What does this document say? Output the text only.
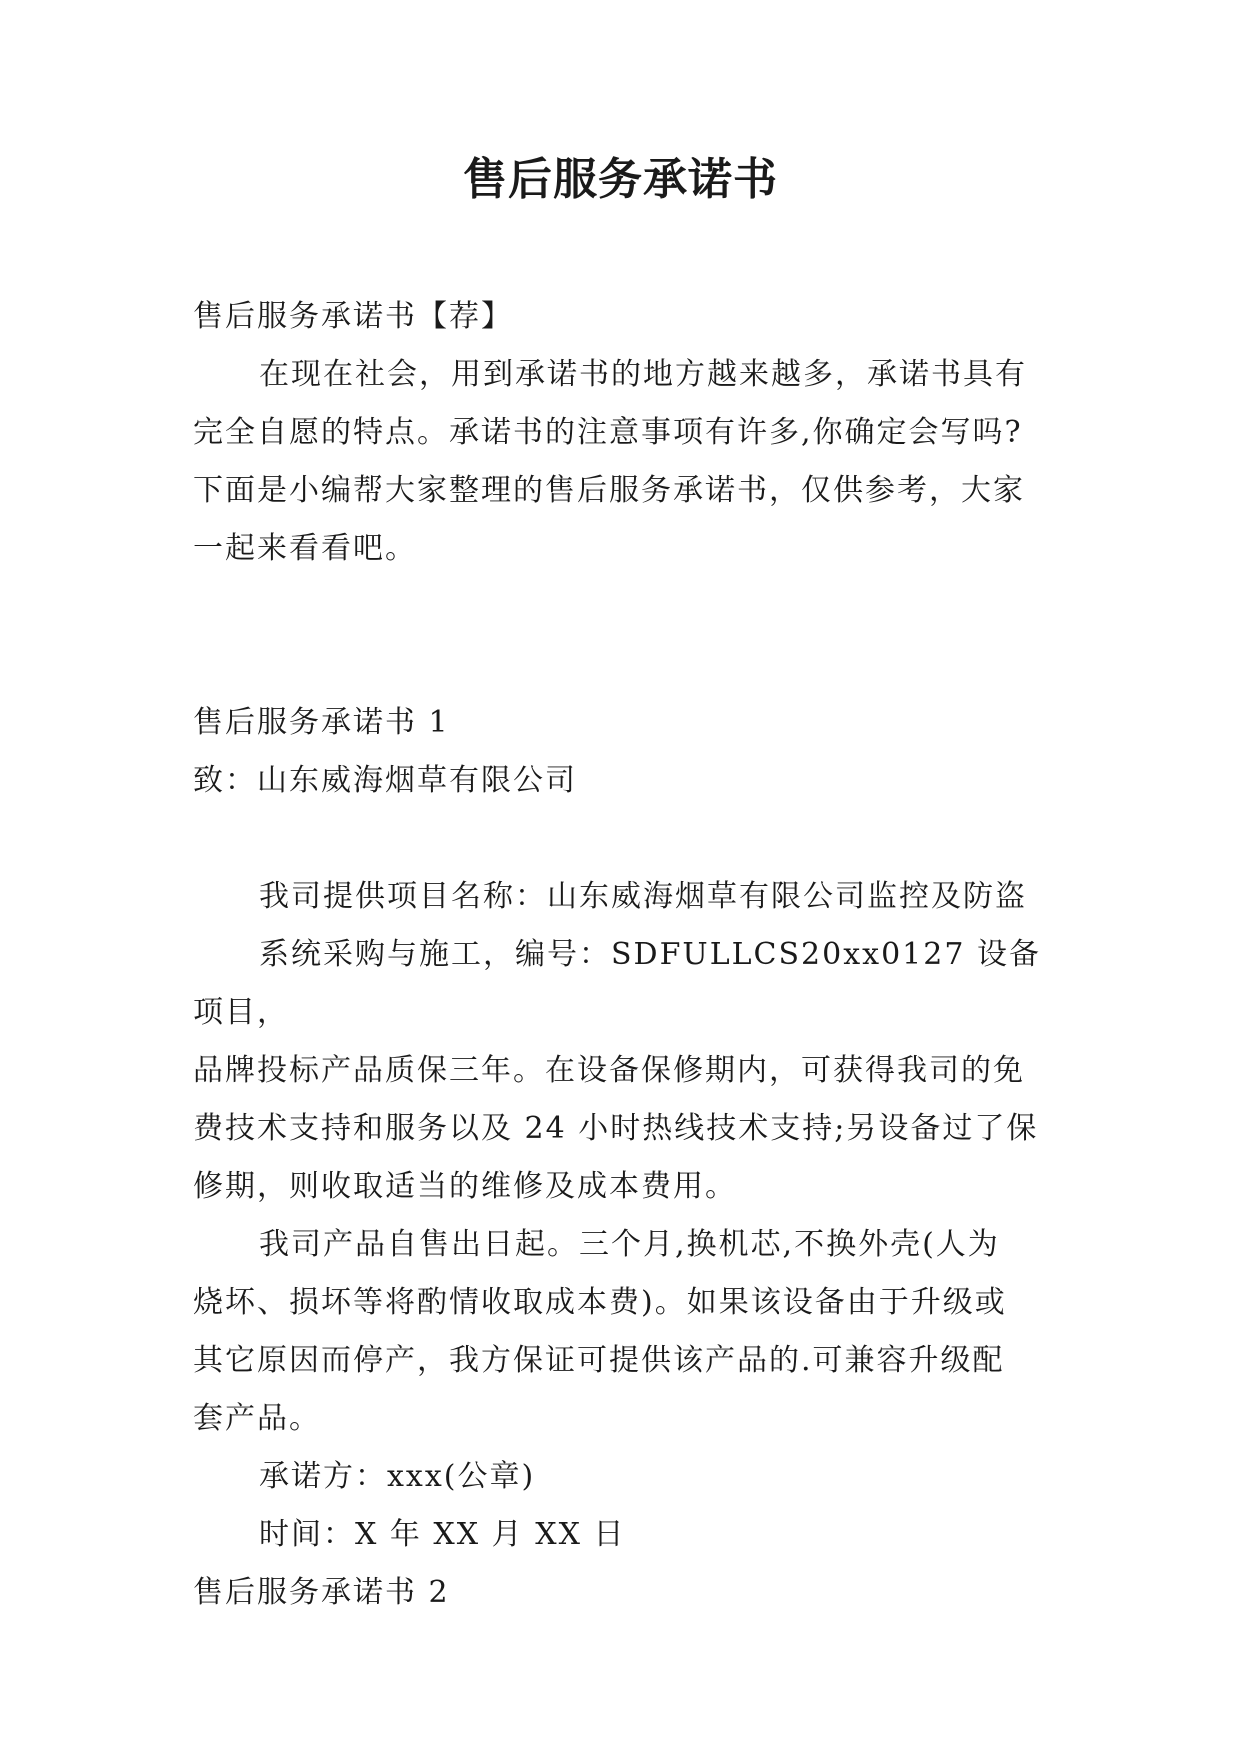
售后服务承诺书

售后服务承诺书【荐】

在现在社会，用到承诺书的地方越来越多，承诺书具有

完全自愿的特点。承诺书的注意事项有许多,你确定会写吗?

下面是小编帮大家整理的售后服务承诺书，仅供参考，大家

一起来看看吧。

售后服务承诺书 1

致：山东威海烟草有限公司

我司提供项目名称：山东威海烟草有限公司监控及防盗

系统采购与施工，编号：SDFULLCS20xx0127 设备项目，

品牌投标产品质保三年。在设备保修期内，可获得我司的免

费技术支持和服务以及 24 小时热线技术支持;另设备过了保

修期，则收取适当的维修及成本费用。

我司产品自售出日起。三个月,换机芯,不换外壳(人为

烧坏、损坏等将酌情收取成本费)。如果该设备由于升级或

其它原因而停产，我方保证可提供该产品的.可兼容升级配

套产品。

承诺方：xxx(公章)

时间：X 年 XX 月 XX 日

售后服务承诺书 2
